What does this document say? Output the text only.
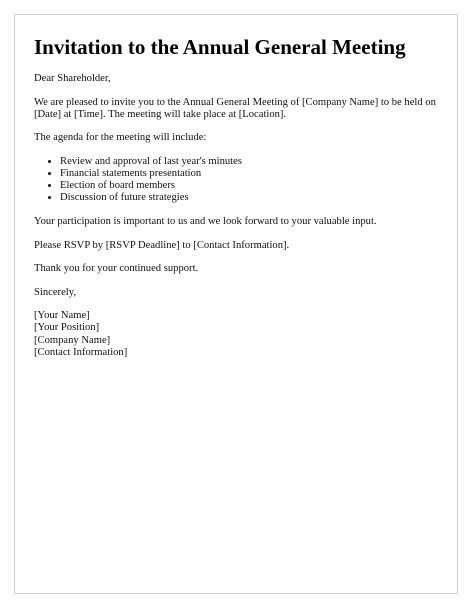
Invitation to the Annual General Meeting

Dear Shareholder,

We are pleased to invite you to the Annual General Meeting of [Company Name] to be held on [Date] at [Time]. The meeting will take place at [Location].

The agenda for the meeting will include:

• Review and approval of last year's minutes
• Financial statements presentation
• Election of board members
• Discussion of future strategies

Your participation is important to us and we look forward to your valuable input.

Please RSVP by [RSVP Deadline] to [Contact Information].

Thank you for your continued support.

Sincerely,

[Your Name]
[Your Position]
[Company Name]
[Contact Information]
